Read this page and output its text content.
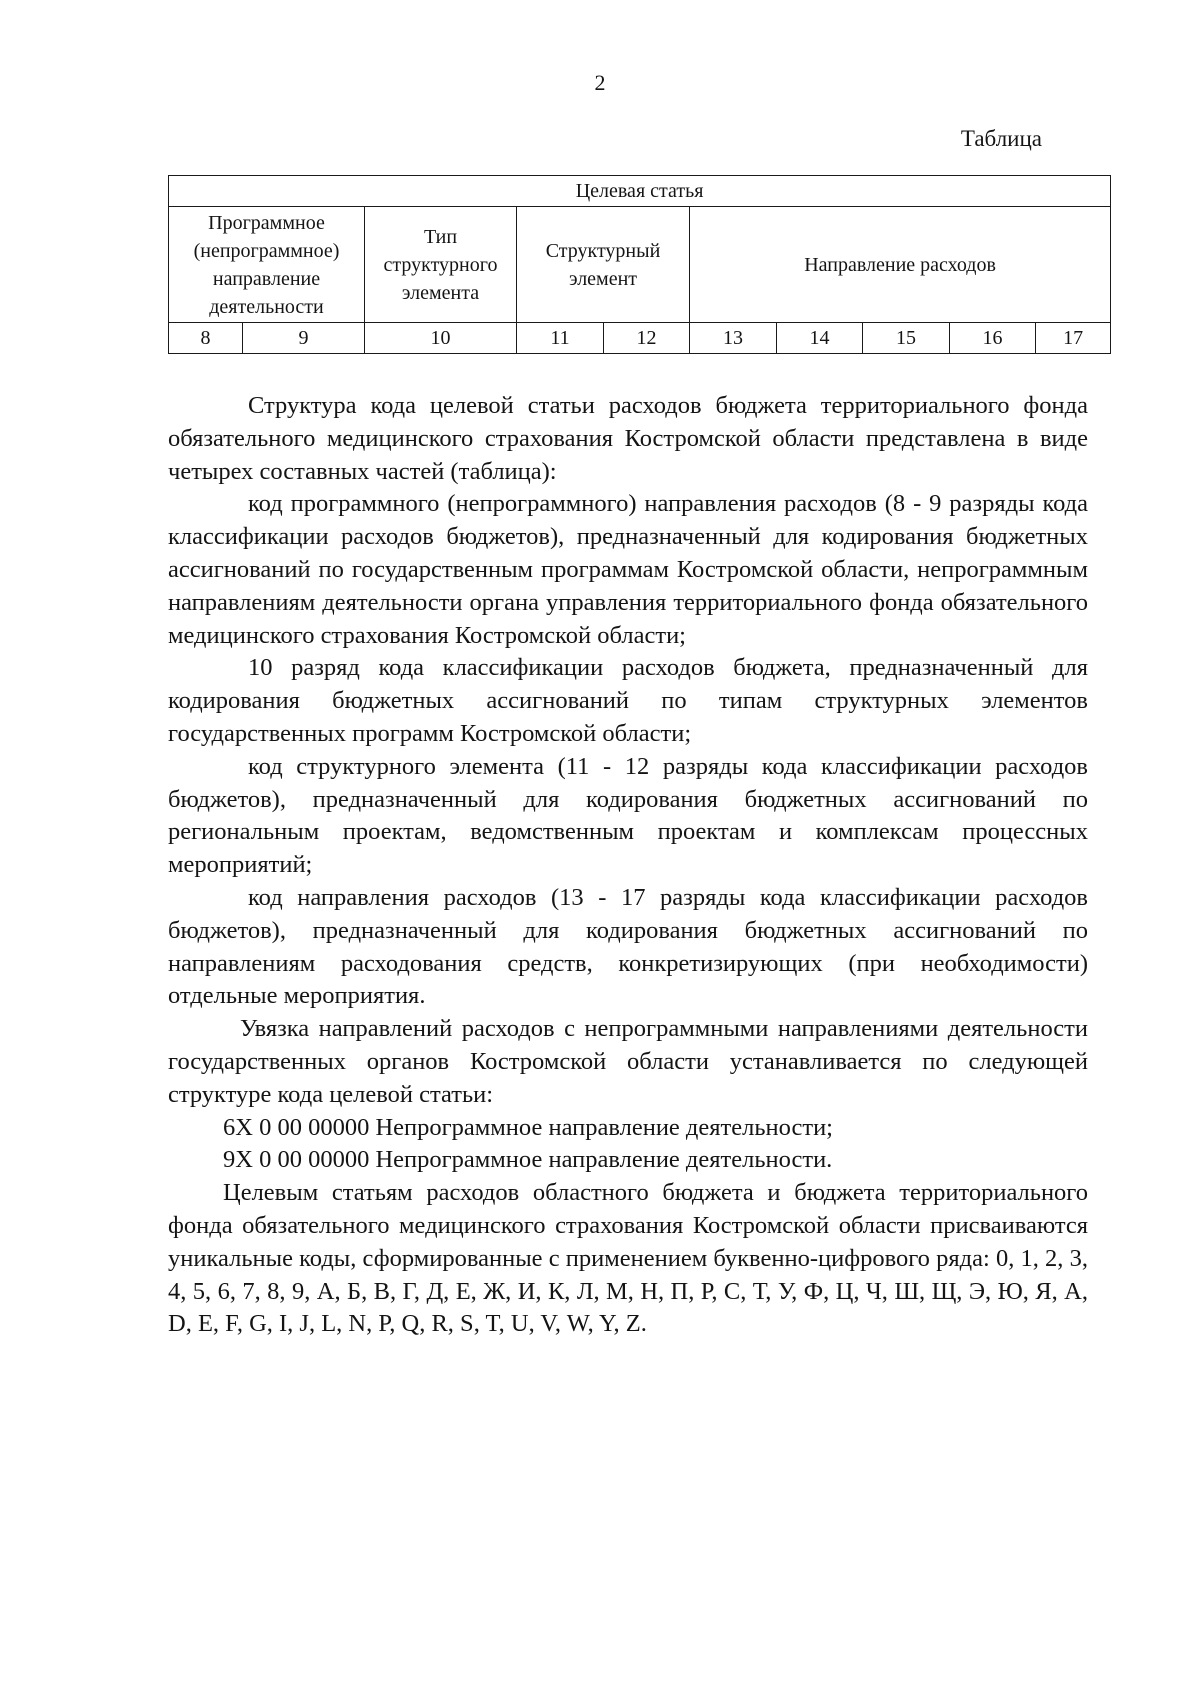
2
Таблица
Целевая статья									
Программное (непрограммное) направление деятельности		Тип структурного элемента	Структурный элемент		Направление расходов				
8	9	10	11	12	13	14	15	16	17

Структура кода целевой статьи расходов бюджета территориального фонда обязательного медицинского страхования Костромской области представлена в виде четырех составных частей (таблица):

код программного (непрограммного) направления расходов (8 - 9 разряды кода классификации расходов бюджетов), предназначенный для кодирования бюджетных ассигнований по государственным программам Костромской области, непрограммным направлениям деятельности органа управления территориального фонда обязательного медицинского страхования Костромской области;

10 разряд кода классификации расходов бюджета, предназначенный для кодирования бюджетных ассигнований по типам структурных элементов государственных программ Костромской области;

код структурного элемента (11 - 12 разряды кода классификации расходов бюджетов), предназначенный для кодирования бюджетных ассигнований по региональным проектам, ведомственным проектам и комплексам процессных мероприятий;

код направления расходов (13 - 17 разряды кода классификации расходов бюджетов), предназначенный для кодирования бюджетных ассигнований по направлениям расходования средств, конкретизирующих (при необходимости) отдельные мероприятия.

Увязка направлений расходов с непрограммными направлениями деятельности государственных органов Костромской области устанавливается по следующей структуре кода целевой статьи:

6Х 0 00 00000 Непрограммное направление деятельности;

9Х 0 00 00000 Непрограммное направление деятельности.

Целевым статьям расходов областного бюджета и бюджета территориального фонда обязательного медицинского страхования Костромской области присваиваются уникальные коды, сформированные с применением буквенно-цифрового ряда: 0, 1, 2, 3, 4, 5, 6, 7, 8, 9, А, Б, В, Г, Д, Е, Ж, И, К, Л, М, Н, П, Р, С, Т, У, Ф, Ц, Ч, Ш, Щ, Э, Ю, Я, A, D, E, F, G, I, J, L, N, P, Q, R, S, T, U, V, W, Y, Z.
